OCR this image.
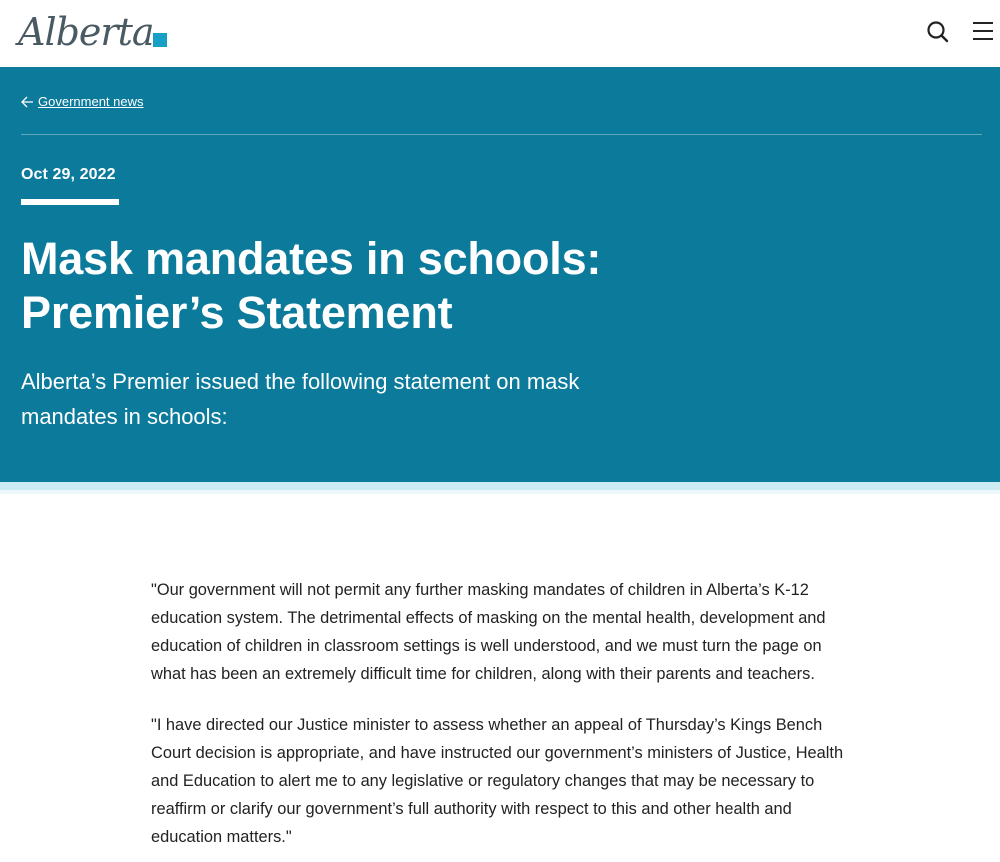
Alberta
Government news
Oct 29, 2022
Mask mandates in schools:
Premier’s Statement

Alberta’s Premier issued the following statement on mask mandates in schools:

"Our government will not permit any further masking mandates of children in Alberta’s K-12 education system. The detrimental effects of masking on the mental health, development and education of children in classroom settings is well understood, and we must turn the page on what has been an extremely difficult time for children, along with their parents and teachers.

"I have directed our Justice minister to assess whether an appeal of Thursday’s Kings Bench Court decision is appropriate, and have instructed our government’s ministers of Justice, Health and Education to alert me to any legislative or regulatory changes that may be necessary to reaffirm or clarify our government’s full authority with respect to this and other health and education matters."
